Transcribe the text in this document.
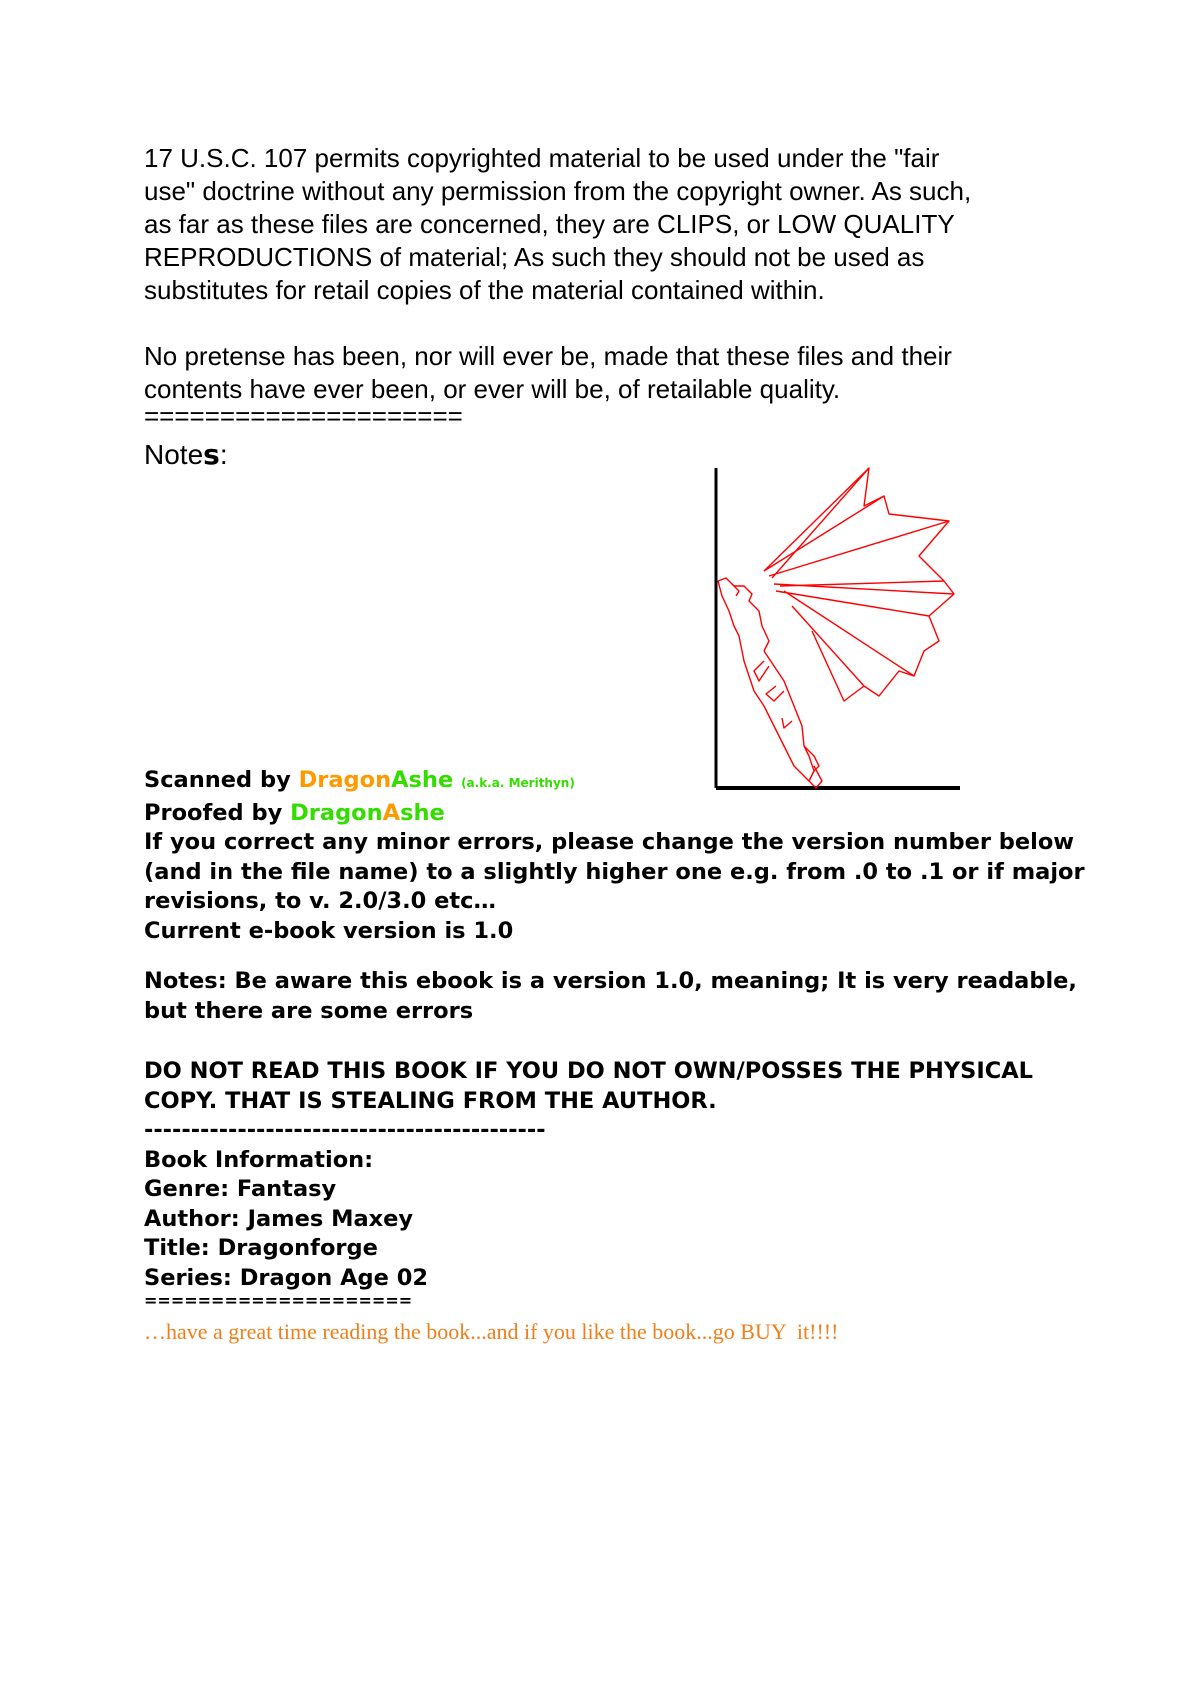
17 U.S.C. 107 permits copyrighted material to be used under the "fair
use" doctrine without any permission from the copyright owner. As such,
as far as these files are concerned, they are CLIPS, or LOW QUALITY
REPRODUCTIONS of material; As such they should not be used as
substitutes for retail copies of the material contained within.
No pretense has been, nor will ever be, made that these files and their
contents have ever been, or ever will be, of retailable quality.
=====================
Notes:
Scanned by DragonAshe (a.k.a. Merithyn)
Proofed by DragonAshe
If you correct any minor errors, please change the version number below
(and in the file name) to a slightly higher one e.g. from .0 to .1 or if major
revisions, to v. 2.0/3.0 etc…
Current e-book version is 1.0
Notes: Be aware this ebook is a version 1.0, meaning; It is very readable,
but there are some errors
DO NOT READ THIS BOOK IF YOU DO NOT OWN/POSSES THE PHYSICAL
COPY. THAT IS STEALING FROM THE AUTHOR.
-------------------------------------------
Book Information:
Genre: Fantasy
Author: James Maxey
Title: Dragonforge
Series: Dragon Age 02
====================
…have a great time reading the book...and if you like the book...go BUY  it!!!!
